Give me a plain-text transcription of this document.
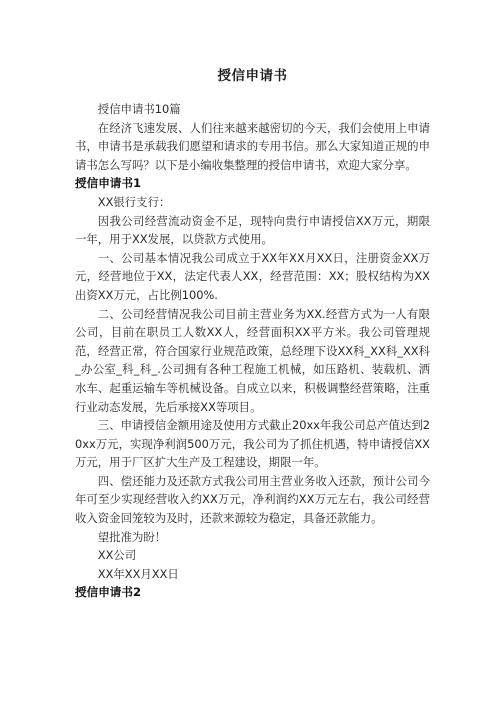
授信申请书

授信申请书10篇

在经济飞速发展、人们往来越来越密切的今天，我们会使用上申请书，申请书是承载我们愿望和请求的专用书信。那么大家知道正规的申请书怎么写吗？以下是小编收集整理的授信申请书，欢迎大家分享。

授信申请书1

XX银行支行：

因我公司经营流动资金不足，现特向贵行申请授信XX万元，期限一年，用于XX发展，以贷款方式使用。

一、公司基本情况我公司成立于XX年XX月XX日，注册资金XX万元，经营地位于XX，法定代表人XX，经营范围：XX；股权结构为XX出资XX万元，占比例100%.

二、公司经营情况我公司目前主营业务为XX.经营方式为一人有限公司，目前在职员工人数XX人，经营面积XX平方米。我公司管理规范，经营正常，符合国家行业规范政策，总经理下设XX科_XX科_XX科_办公室_科_科_.公司拥有各种工程施工机械，如压路机、装载机、洒水车、起重运输车等机械设备。自成立以来，积极调整经营策略，注重行业动态发展，先后承接XX等项目。

三、申请授信金额用途及使用方式截止20xx年我公司总产值达到20xx万元，实现净利润500万元，我公司为了抓住机遇，特申请授信XX万元，用于厂区扩大生产及工程建设，期限一年。

四、偿还能力及还款方式我公司用主营业务收入还款，预计公司今年可至少实现经营收入约XX万元，净利润约XX万元左右，我公司经营收入资金回笼较为及时，还款来源较为稳定，具备还款能力。

望批准为盼！

XX公司

XX年XX月XX日

授信申请书2
